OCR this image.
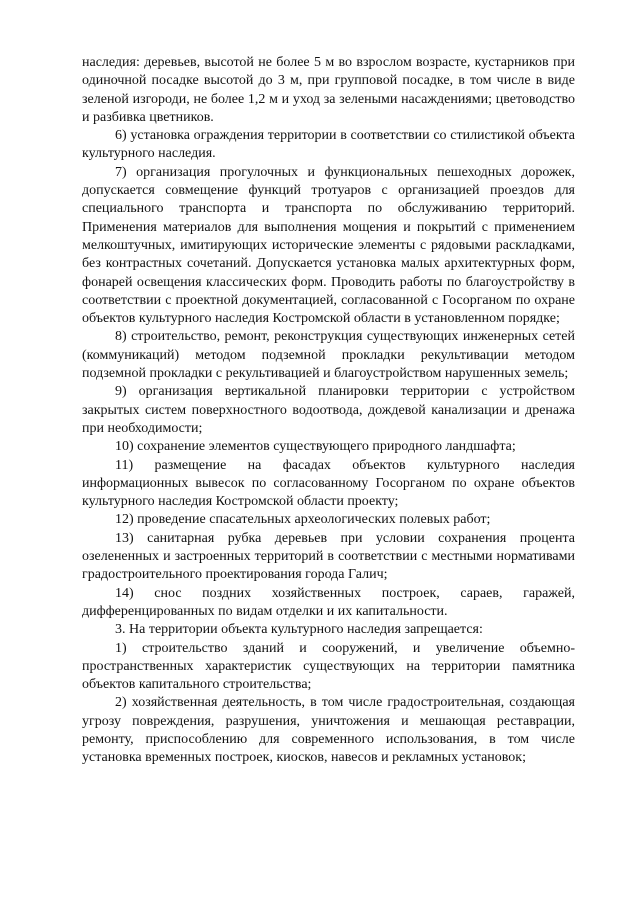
наследия: деревьев, высотой не более 5 м во взрослом возрасте, кустарников при одиночной посадке высотой до 3 м, при групповой посадке, в том числе в виде зеленой изгороди, не более 1,2 м и уход за зелеными насаждениями; цветоводство и разбивка цветников.

6) установка ограждения территории в соответствии со стилистикой объекта культурного наследия.

7) организация прогулочных и функциональных пешеходных дорожек, допускается совмещение функций тротуаров с организацией проездов для специального транспорта и транспорта по обслуживанию территорий. Применения материалов для выполнения мощения и покрытий с применением мелкоштучных, имитирующих исторические элементы с рядовыми раскладками, без контрастных сочетаний. Допускается установка малых архитектурных форм, фонарей освещения классических форм. Проводить работы по благоустройству в соответствии с проектной документацией, согласованной с Госорганом по охране объектов культурного наследия Костромской области в установленном порядке;

8) строительство, ремонт, реконструкция существующих инженерных сетей (коммуникаций) методом подземной прокладки рекультивации методом подземной прокладки с рекультивацией и благоустройством нарушенных земель;

9) организация вертикальной планировки территории с устройством закрытых систем поверхностного водоотвода, дождевой канализации и дренажа при необходимости;

10) сохранение элементов существующего природного ландшафта;

11) размещение на фасадах объектов культурного наследия информационных вывесок по согласованному Госорганом по охране объектов культурного наследия Костромской области проекту;

12) проведение спасательных археологических полевых работ;

13) санитарная рубка деревьев при условии сохранения процента озелененных и застроенных территорий в соответствии с местными нормативами градостроительного проектирования города Галич;

14) снос поздних хозяйственных построек, сараев, гаражей, дифференцированных по видам отделки и их капитальности.

3. На территории объекта культурного наследия запрещается:

1) строительство зданий и сооружений, и увеличение объемно-пространственных характеристик существующих на территории памятника объектов капитального строительства;

2) хозяйственная деятельность, в том числе градостроительная, создающая угрозу повреждения, разрушения, уничтожения и мешающая реставрации, ремонту, приспособлению для современного использования, в том числе установка временных построек, киосков, навесов и рекламных установок;
